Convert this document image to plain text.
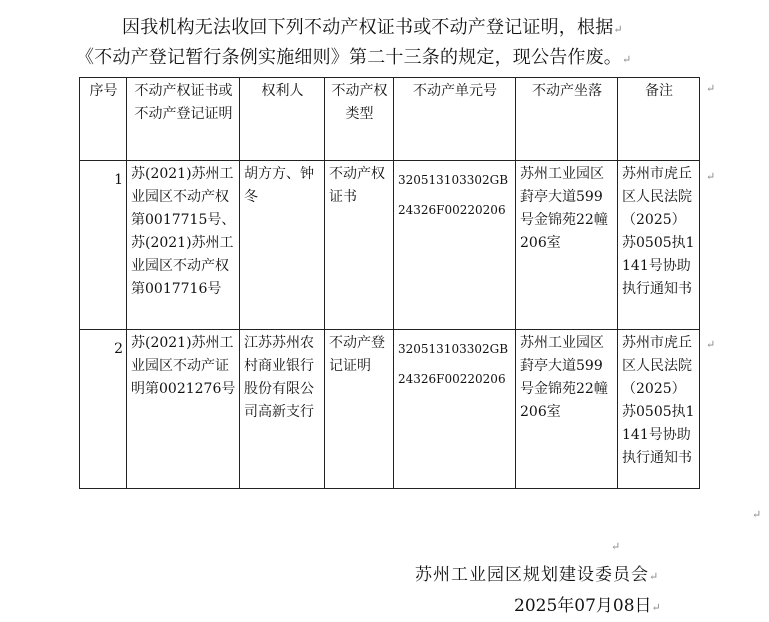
因我机构无法收回下列不动产权证书或不动产登记证明，根据↵
《不动产登记暂行条例实施细则》第二十三条的规定，现公告作废。↵
序号	不动产权证书或不动产登记证明	权利人	不动产权类型	不动产单元号	不动产坐落	备注
1	苏(2021)苏州工业园区不动产权第0017715号、苏(2021)苏州工业园区不动产权第0017716号	胡方方、钟冬	不动产权证书	320513103302GB24326F00220206	苏州工业园区葑亭大道599号金锦苑22幢206室	苏州市虎丘区人民法院（2025）苏0505执1141号协助执行通知书
2	苏(2021)苏州工业园区不动产证明第0021276号	江苏苏州农村商业银行股份有限公司高新支行	不动产登记证明	320513103302GB24326F00220206	苏州工业园区葑亭大道599号金锦苑22幢206室	苏州市虎丘区人民法院（2025）苏0505执1141号协助执行通知书
↵
↵
↵
↵
↵
苏州工业园区规划建设委员会↵
2025年07月08日↵
